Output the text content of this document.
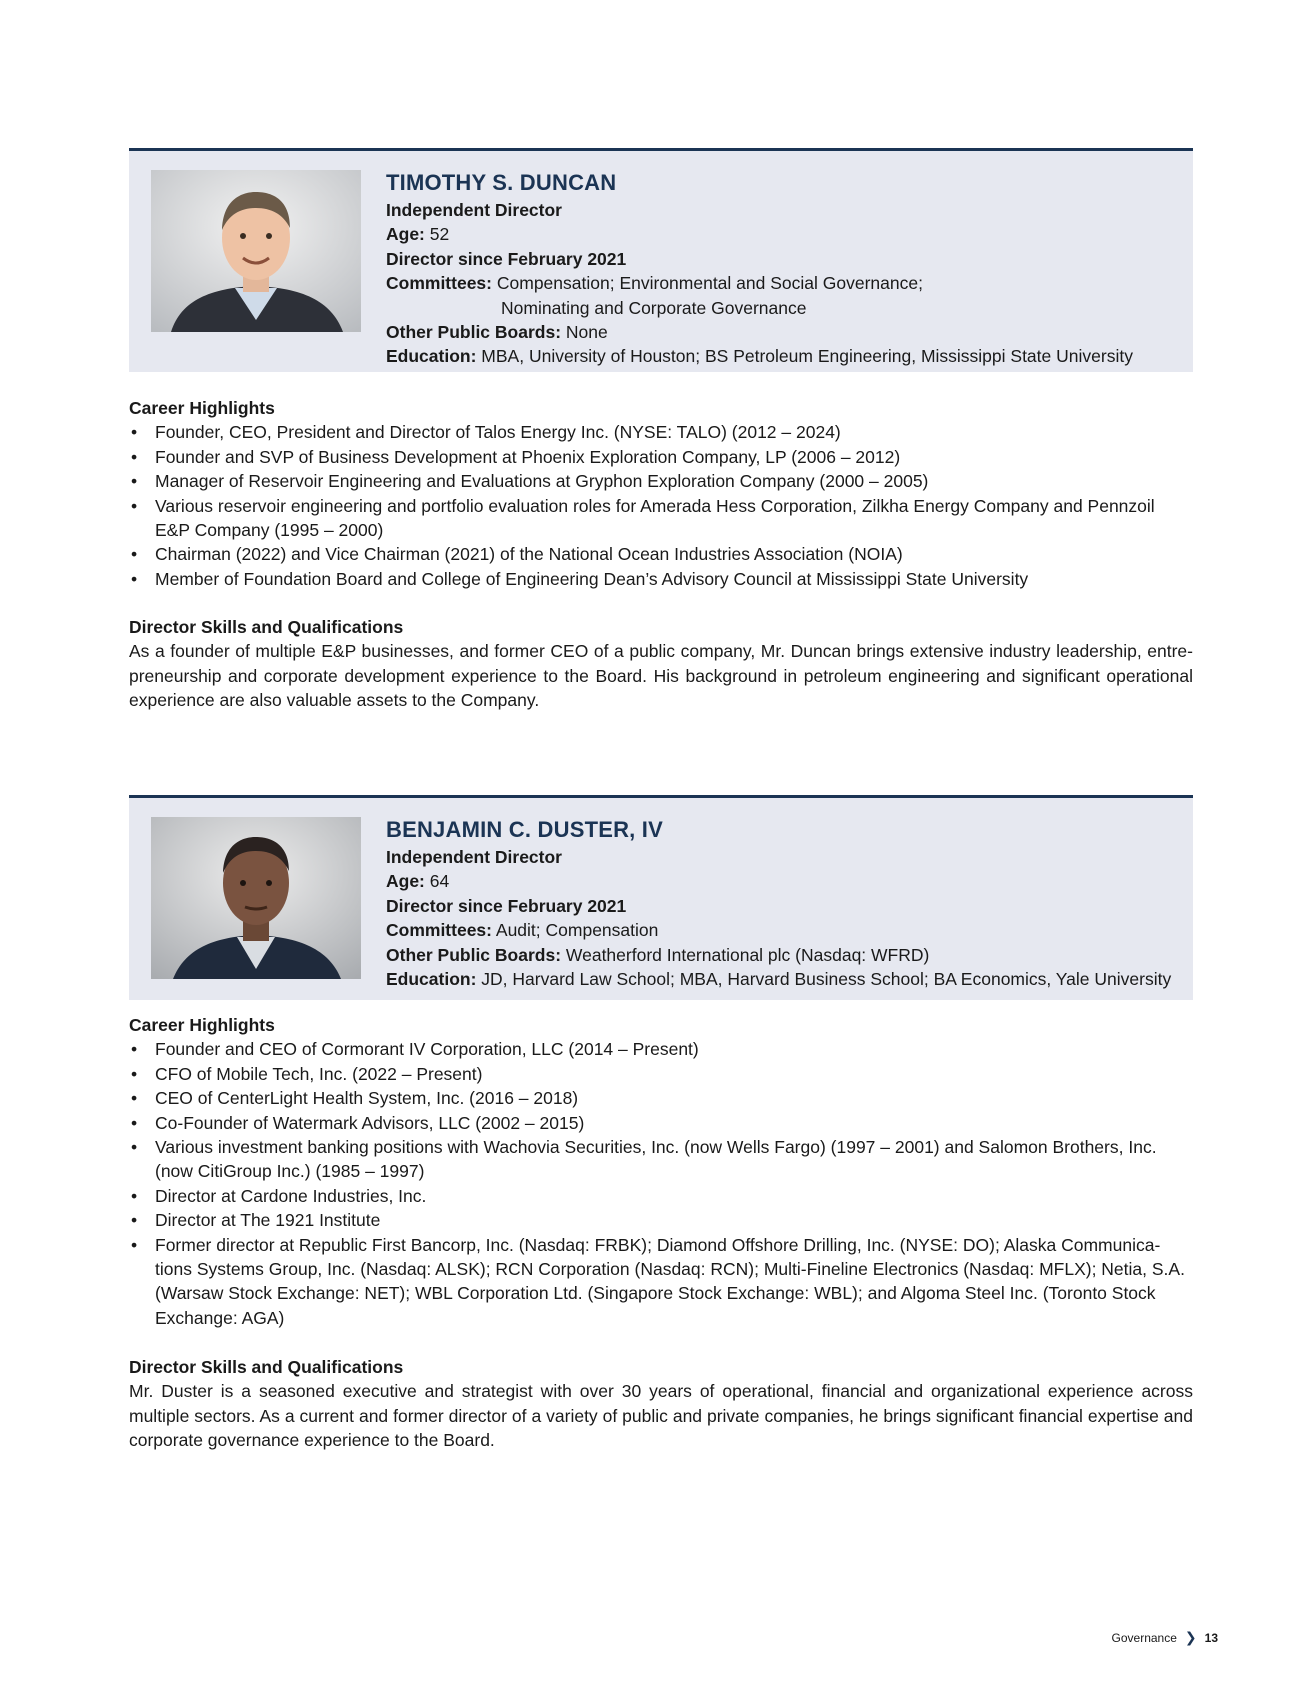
TIMOTHY S. DUNCAN
Independent Director
Age: 52
Director since February 2021
Committees: Compensation; Environmental and Social Governance;
Nominating and Corporate Governance
Other Public Boards: None
Education: MBA, University of Houston; BS Petroleum Engineering, Mississippi State University
Career Highlights
• Founder, CEO, President and Director of Talos Energy Inc. (NYSE: TALO) (2012 – 2024)
• Founder and SVP of Business Development at Phoenix Exploration Company, LP (2006 – 2012)
• Manager of Reservoir Engineering and Evaluations at Gryphon Exploration Company (2000 – 2005)
• Various reservoir engineering and portfolio evaluation roles for Amerada Hess Corporation, Zilkha Energy Company and Pennzoil E&P Company (1995 – 2000)
• Chairman (2022) and Vice Chairman (2021) of the National Ocean Industries Association (NOIA)
• Member of Foundation Board and College of Engineering Dean’s Advisory Council at Mississippi State University
Director Skills and Qualifications

As a founder of multiple E&P businesses, and former CEO of a public company, Mr. Duncan brings extensive industry leadership, entre-preneurship and corporate development experience to the Board. His background in petroleum engineering and significant operational experience are also valuable assets to the Company.

BENJAMIN C. DUSTER, IV
Independent Director
Age: 64
Director since February 2021
Committees: Audit; Compensation
Other Public Boards: Weatherford International plc (Nasdaq: WFRD)
Education: JD, Harvard Law School; MBA, Harvard Business School; BA Economics, Yale University
Career Highlights
• Founder and CEO of Cormorant IV Corporation, LLC (2014 – Present)
• CFO of Mobile Tech, Inc. (2022 – Present)
• CEO of CenterLight Health System, Inc. (2016 – 2018)
• Co-Founder of Watermark Advisors, LLC (2002 – 2015)
• Various investment banking positions with Wachovia Securities, Inc. (now Wells Fargo) (1997 – 2001) and Salomon Brothers, Inc. (now CitiGroup Inc.) (1985 – 1997)
• Director at Cardone Industries, Inc.
• Director at The 1921 Institute
• Former director at Republic First Bancorp, Inc. (Nasdaq: FRBK); Diamond Offshore Drilling, Inc. (NYSE: DO); Alaska Communica-tions Systems Group, Inc. (Nasdaq: ALSK); RCN Corporation (Nasdaq: RCN); Multi-Fineline Electronics (Nasdaq: MFLX); Netia, S.A. (Warsaw Stock Exchange: NET); WBL Corporation Ltd. (Singapore Stock Exchange: WBL); and Algoma Steel Inc. (Toronto Stock Exchange: AGA)
Director Skills and Qualifications

Mr. Duster is a seasoned executive and strategist with over 30 years of operational, financial and organizational experience across multiple sectors. As a current and former director of a variety of public and private companies, he brings significant financial expertise and corporate governance experience to the Board.

Governance ❯ 13
